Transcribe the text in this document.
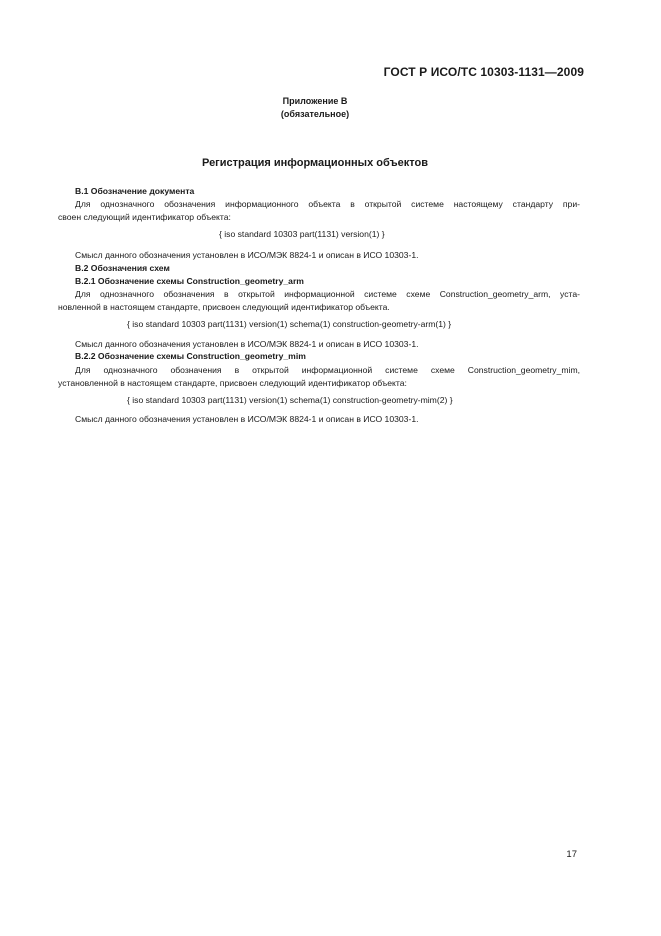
ГОСТ Р ИСО/ТС 10303-1131—2009
Приложение В
(обязательное)
Регистрация информационных объектов
В.1 Обозначение документа
Для однозначного обозначения информационного объекта в открытой системе настоящему стандарту при-
своен следующий идентификатор объекта:
{ iso standard 10303 part(1131) version(1) }
Смысл данного обозначения установлен в ИСО/МЭК 8824-1 и описан в ИСО 10303-1.
В.2 Обозначения схем
В.2.1 Обозначение схемы Construction_geometry_arm
Для однозначного обозначения в открытой информационной системе схеме Construction_geometry_arm, уста-
новленной в настоящем стандарте, присвоен следующий идентификатор объекта.
{ iso standard 10303 part(1131) version(1) schema(1) construction-geometry-arm(1) }
Смысл данного обозначения установлен в ИСО/МЭК 8824-1 и описан в ИСО 10303-1.
В.2.2 Обозначение схемы Construction_geometry_mim
Для однозначного обозначения в открытой информационной системе схеме Construction_geometry_mim,
установленной в настоящем стандарте, присвоен следующий идентификатор объекта:
{ iso standard 10303 part(1131) version(1) schema(1) construction-geometry-mim(2) }
Смысл данного обозначения установлен в ИСО/МЭК 8824-1 и описан в ИСО 10303-1.
17
